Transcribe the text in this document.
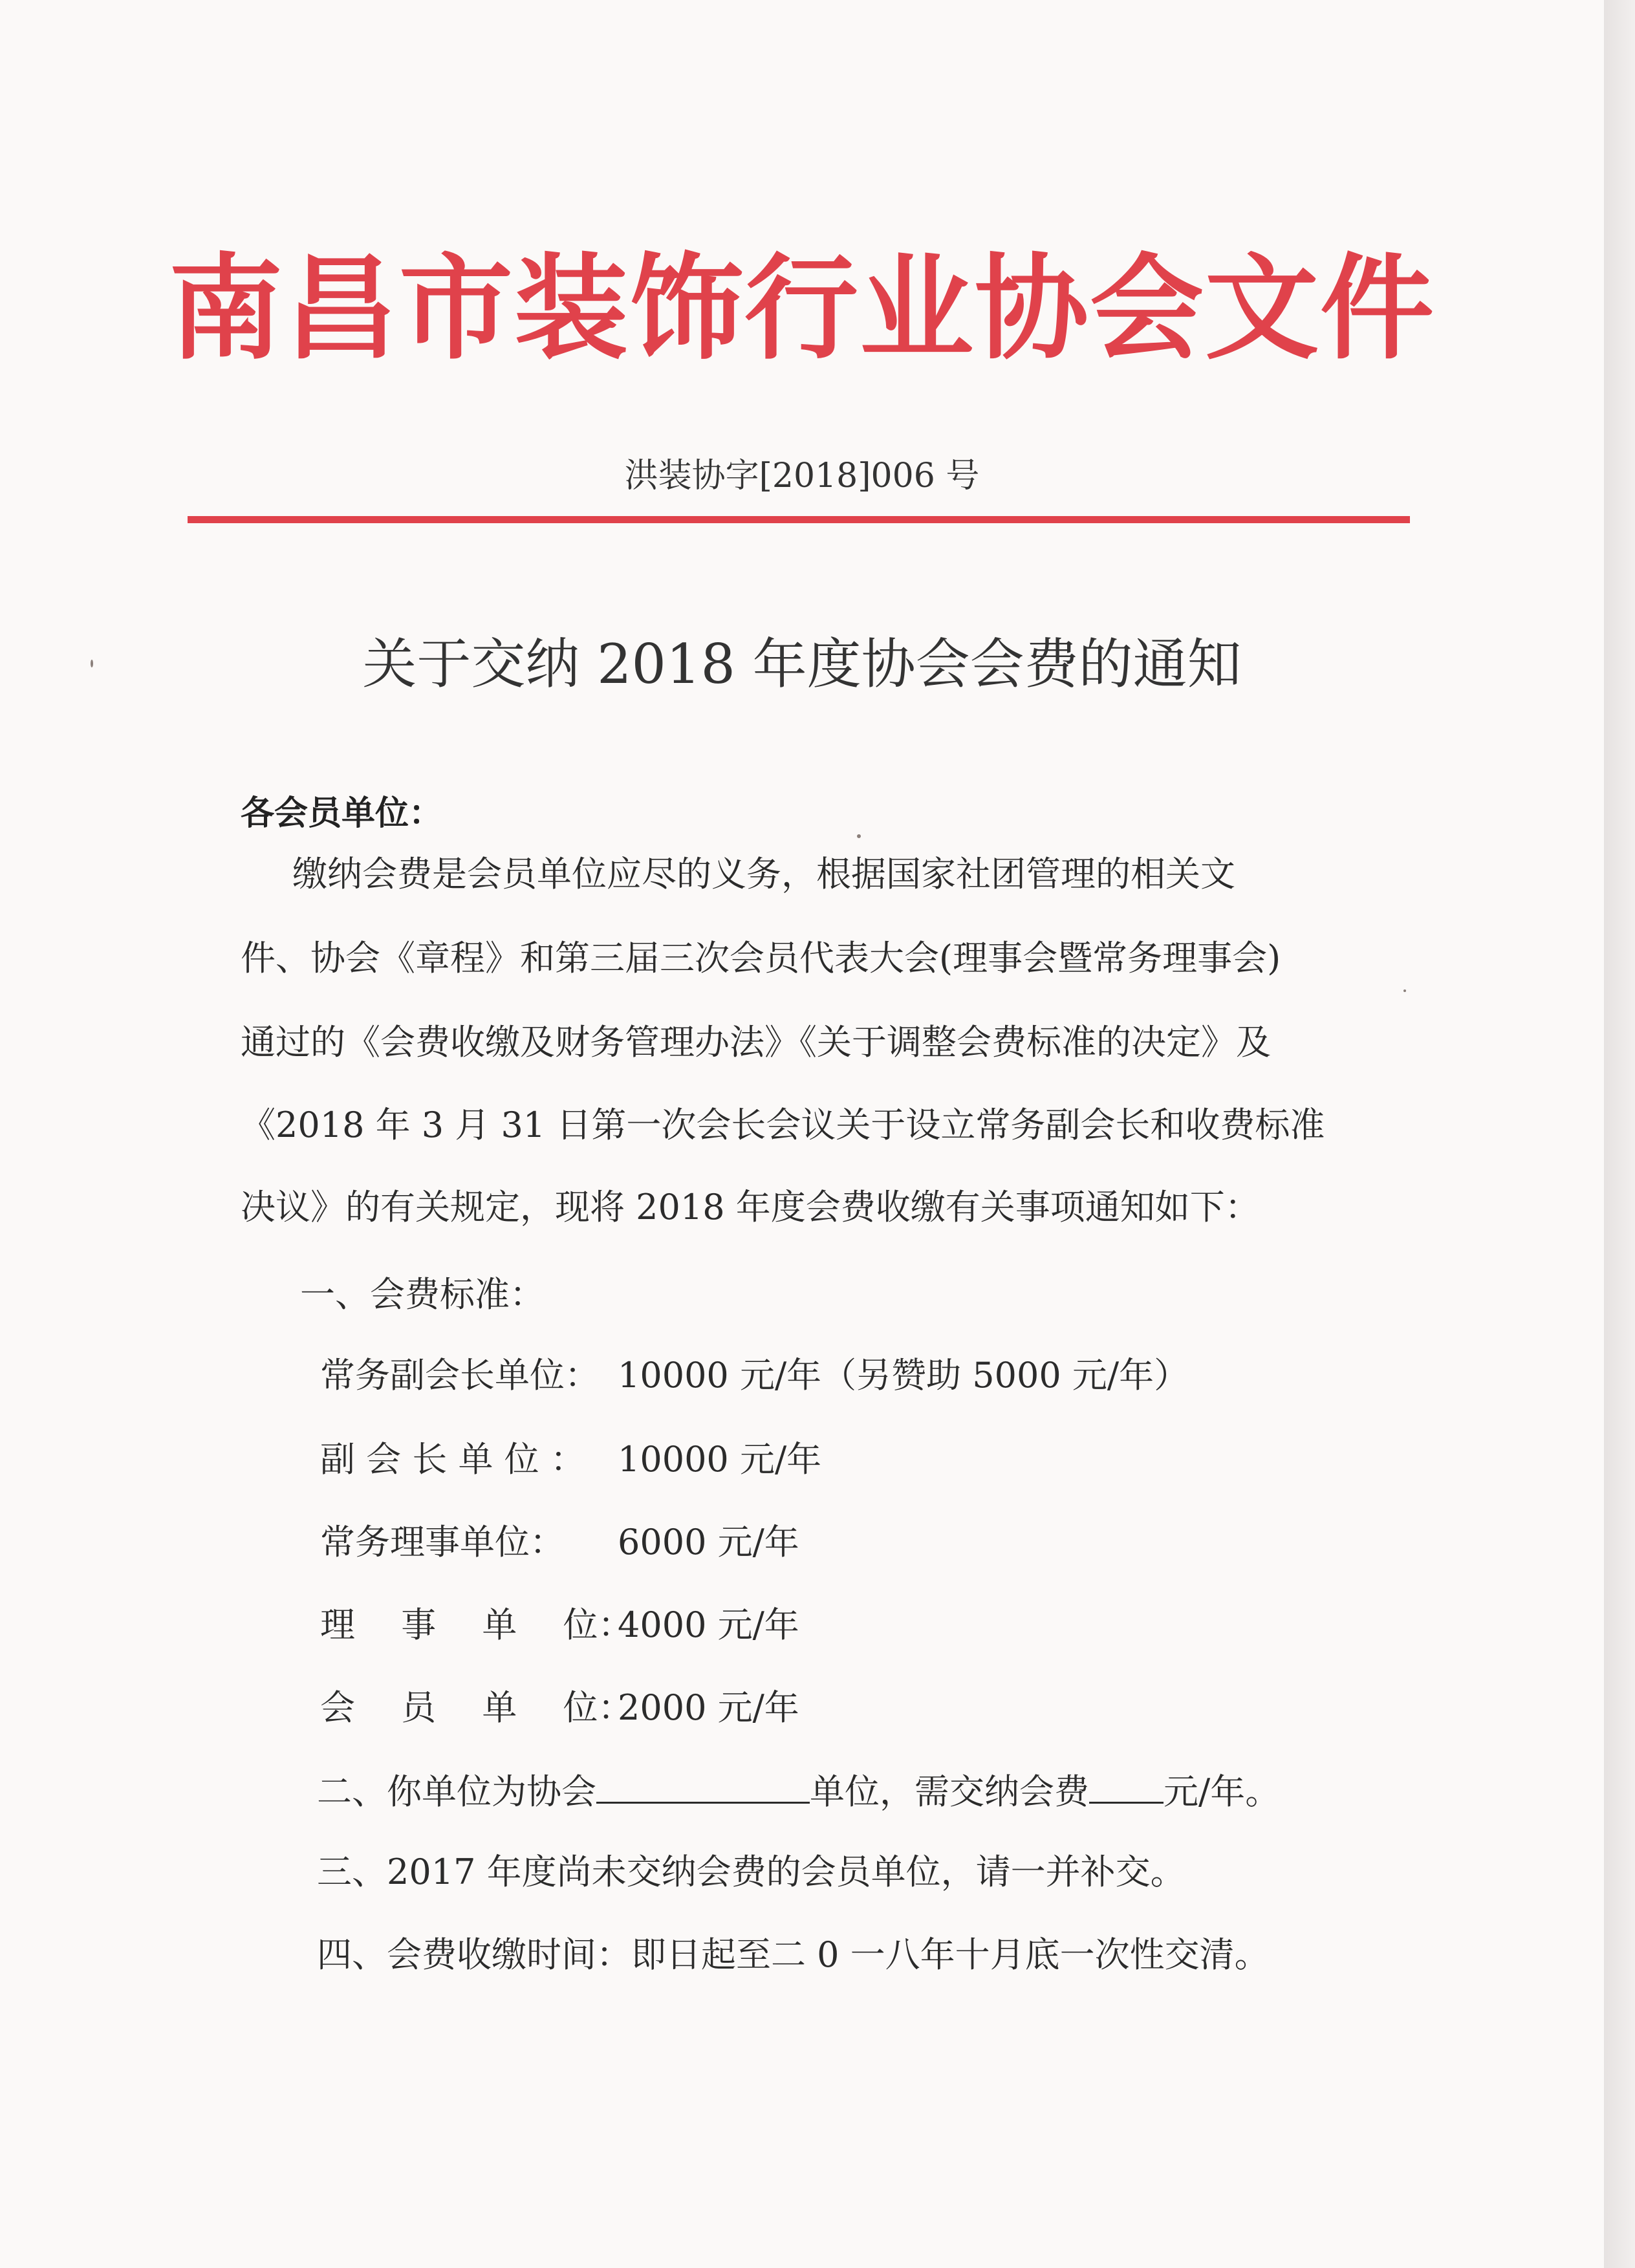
南昌市装饰行业协会文件
洪装协字[2018]006 号
关于交纳 2018 年度协会会费的通知
各会员单位：
　缴纳会费是会员单位应尽的义务，根据国家社团管理的相关文
件、协会《章程》和第三届三次会员代表大会(理事会暨常务理事会)
通过的《会费收缴及财务管理办法》《关于调整会费标准的决定》及
《2018 年 3 月 31 日第一次会长会议关于设立常务副会长和收费标准
决议》的有关规定，现将 2018 年度会费收缴有关事项通知如下：
一、会费标准：
常务副会长单位： 10000 元/年（另赞助 5000 元/年）
副 会 长 单 位 ： 10000 元/年
常务理事单位： 6000 元/年
理　 事　 单　 位：4000 元/年
会　 员　 单　 位：2000 元/年
二、你单位为协会	单位，需交纳会费 元/年。
三、2017 年度尚未交纳会费的会员单位，请一并补交。
四、会费收缴时间：即日起至二 0 一八年十月底一次性交清。
